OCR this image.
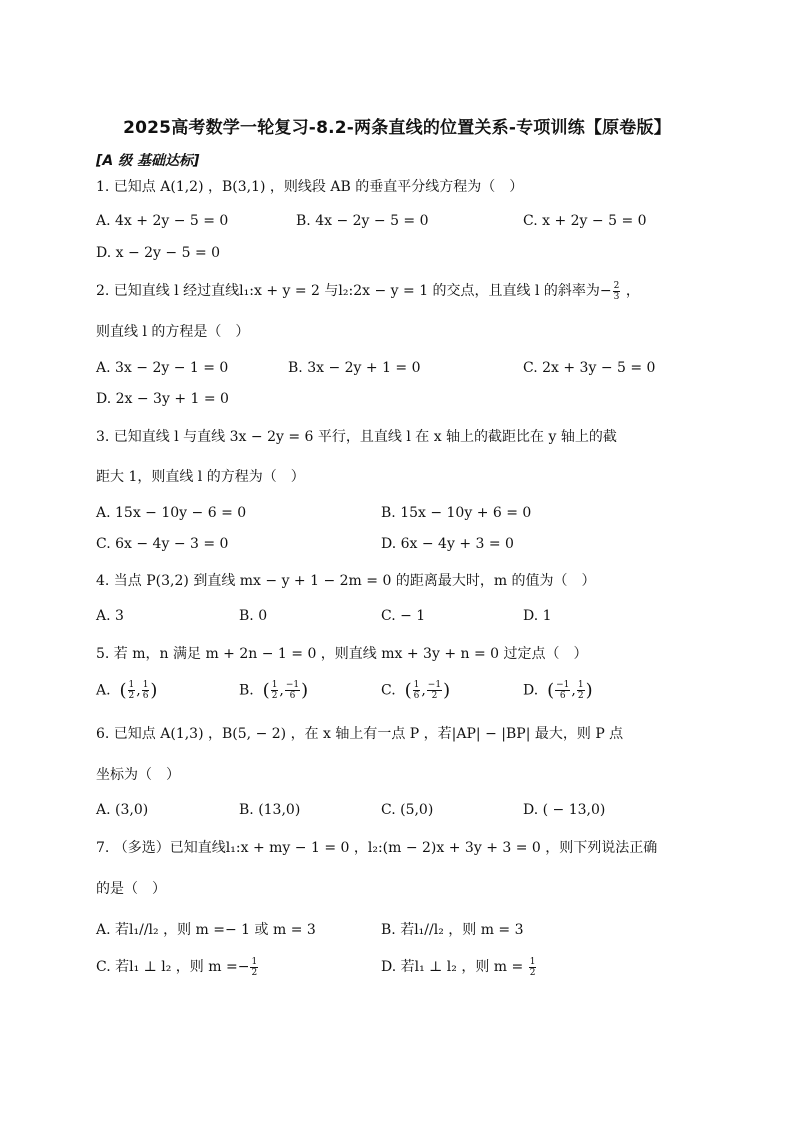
2025高考数学一轮复习-8.2-两条直线的位置关系-专项训练【原卷版】
[A 级 基础达标]
1. 已知点 A(1,2) ，B(3,1) ，则线段 AB 的垂直平分线方程为（　）
A. 4x + 2y − 5 = 0	B. 4x − 2y − 5 = 0	C. x + 2y − 5 = 0
D. x − 2y − 5 = 0
2. 已知直线 l 经过直线l₁:x + y = 2 与l₂:2x − y = 1 的交点，且直线 l 的斜率为− $\frac{2}{3}$ ，
则直线 l 的方程是（　）
A. 3x − 2y − 1 = 0	B. 3x − 2y + 1 = 0	C. 2x + 3y − 5 = 0
D. 2x − 3y + 1 = 0
3. 已知直线 l 与直线 3x − 2y = 6 平行，且直线 l 在 x 轴上的截距比在 y 轴上的截
距大 1，则直线 l 的方程为（　）
A. 15x − 10y − 6 = 0	B. 15x − 10y + 6 = 0
C. 6x − 4y − 3 = 0	D. 6x − 4y + 3 = 0
4. 当点 P(3,2) 到直线 mx − y + 1 − 2m = 0 的距离最大时，m 的值为（　）
A. 3	B. 0	C. − 1	D. 1
5. 若 m，n 满足 m + 2n − 1 = 0 ，则直线 mx + 3y + n = 0 过定点（　）
A. ( $\frac{1}{2}$ , $\frac{1}{6}$ )	B. ( $\frac{1}{2}$ , $\frac{-1}{6}$ )	C. ( $\frac{1}{6}$ , $\frac{-1}{2}$ )	D. ( $\frac{-1}{6}$ , $\frac{1}{2}$ )
6. 已知点 A(1,3) ，B(5, − 2) ，在 x 轴上有一点 P ，若|AP| − |BP| 最大，则 P 点
坐标为（　）
A. (3,0)	B. (13,0)	C. (5,0)	D. ( − 13,0)
7. （多选）已知直线l₁:x + my − 1 = 0 ，l₂:(m − 2)x + 3y + 3 = 0 ，则下列说法正确
的是（　）
A. 若l₁//l₂ ，则 m =− 1 或 m = 3	B. 若l₁//l₂ ，则 m = 3
C. 若l₁ ⊥ l₂ ，则 $m =- \frac{1}{2}$	D. 若l₁ ⊥ l₂ ，则 $m = \frac{1}{2}$
